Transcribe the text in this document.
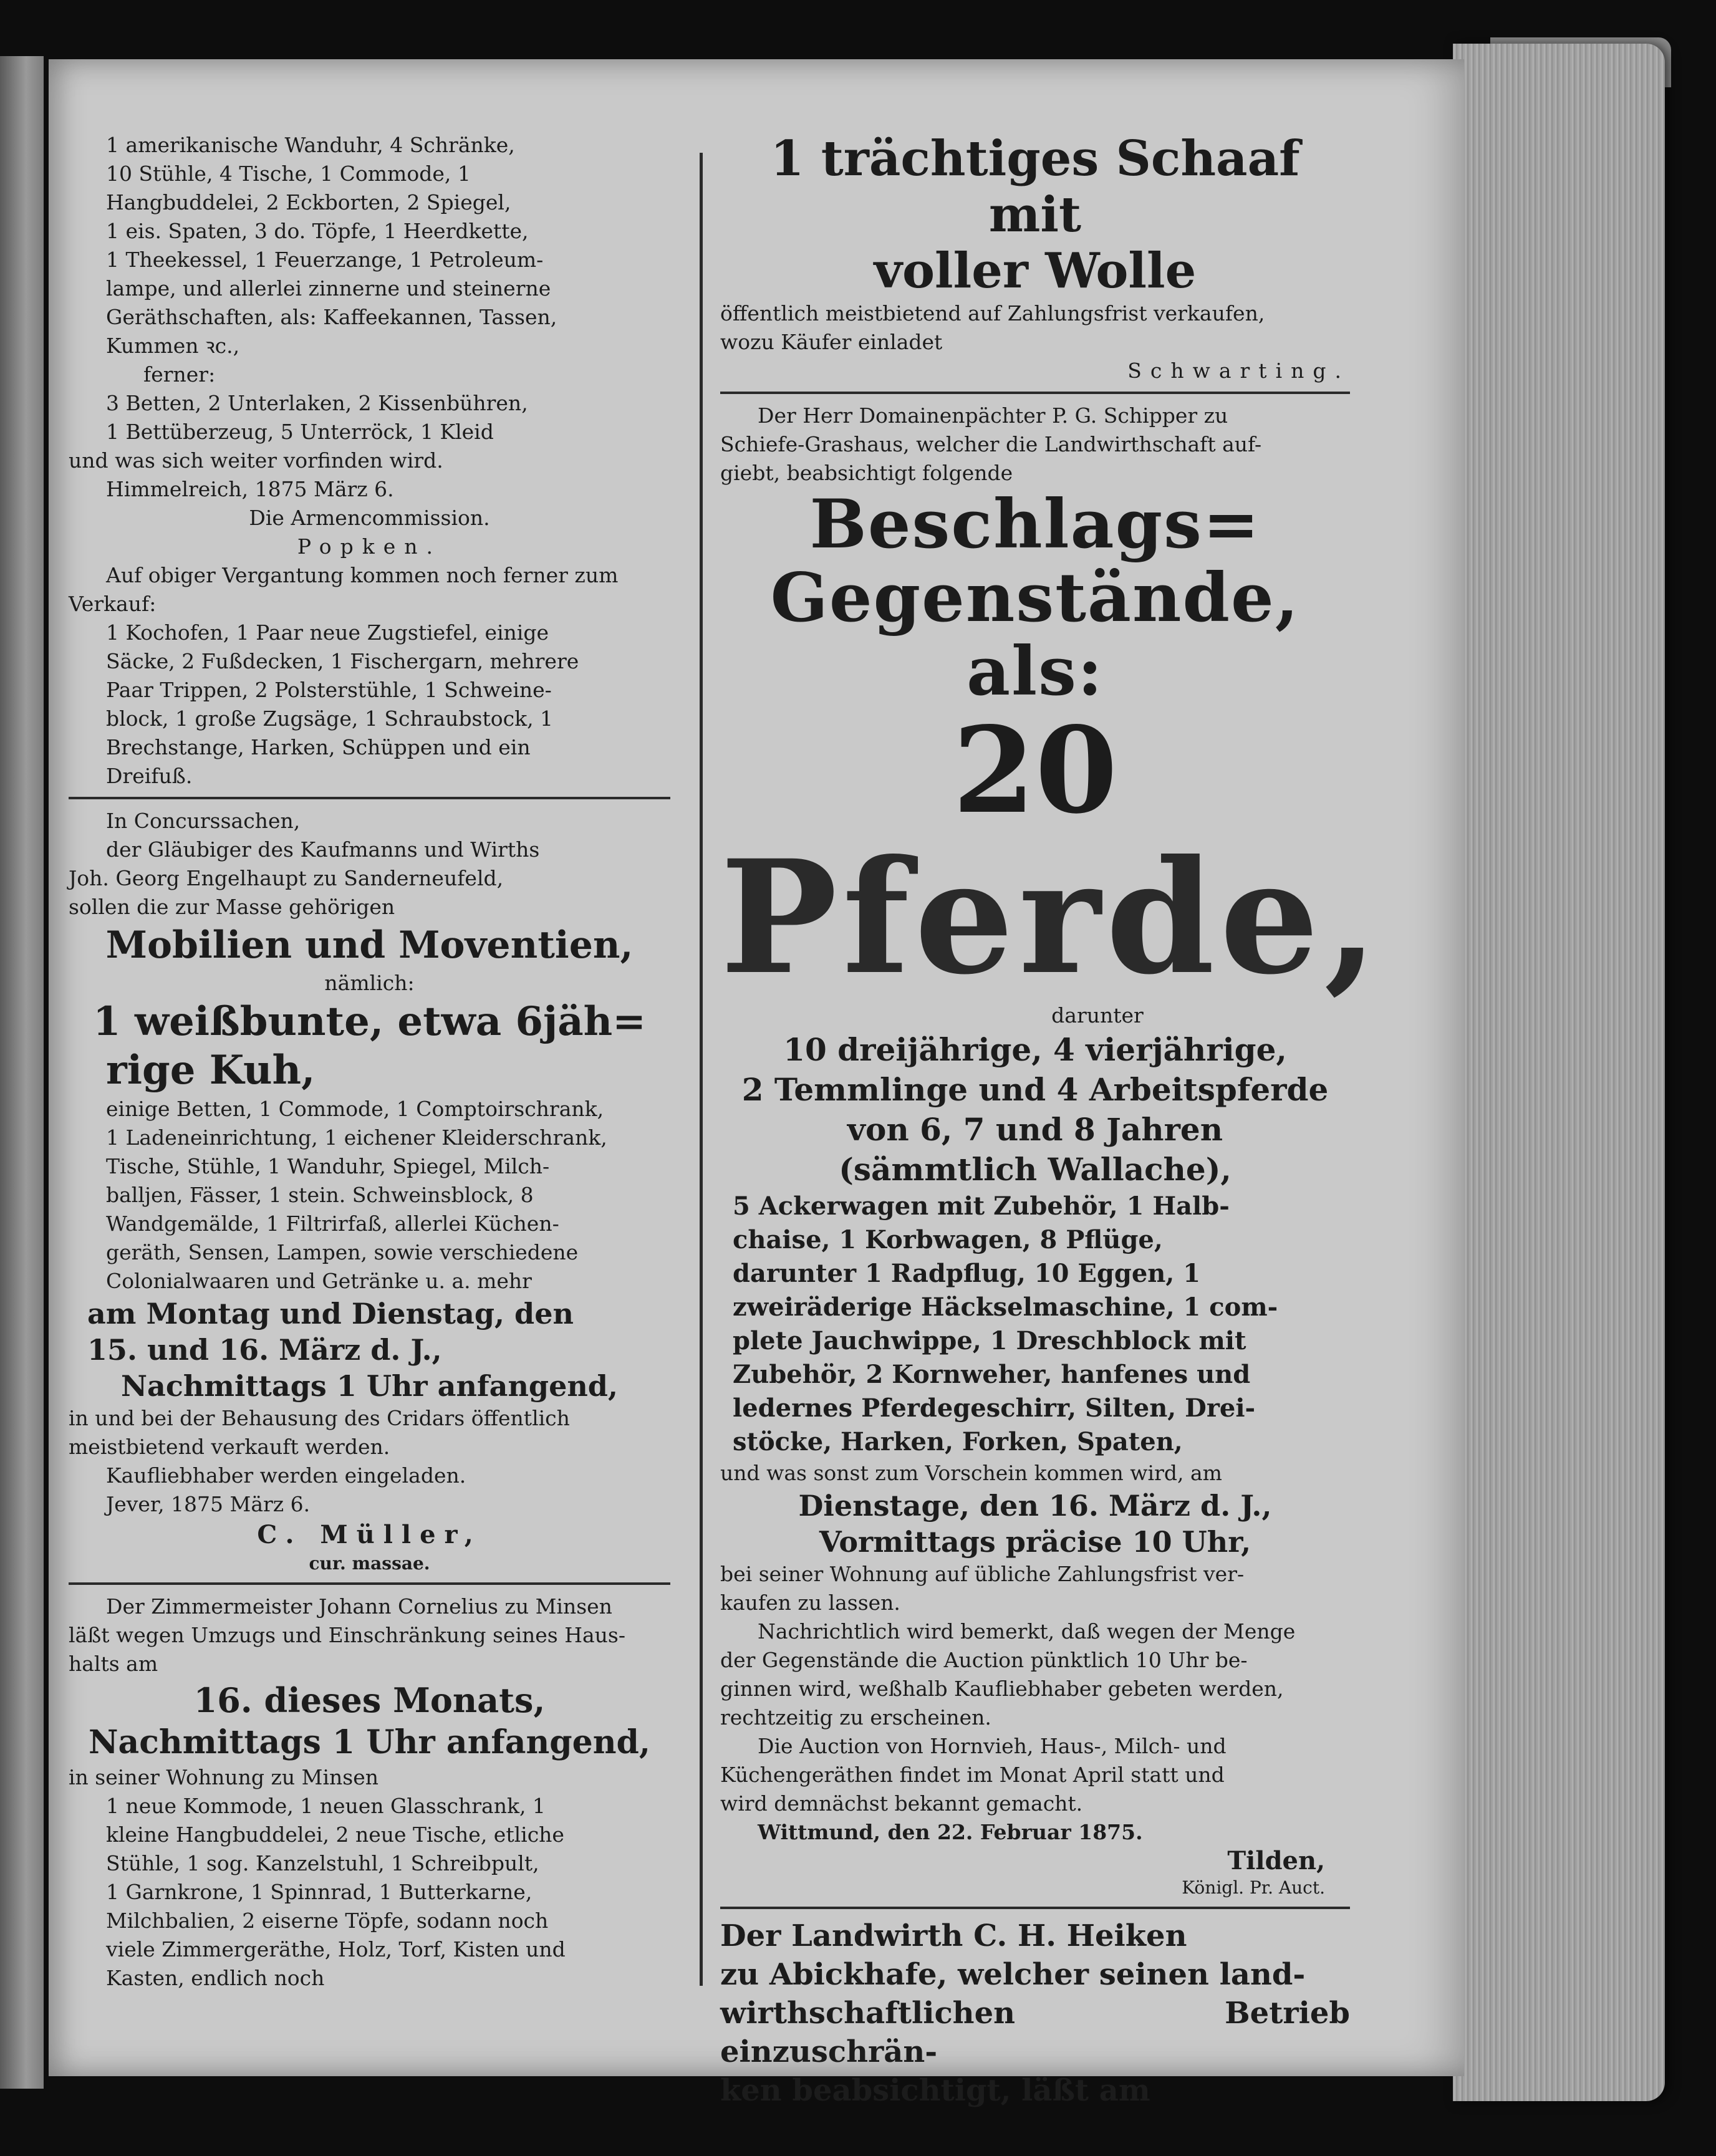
1 amerikanische Wanduhr, 4 Schränke,

10 Stühle, 4 Tische, 1 Commode, 1

Hangbuddelei, 2 Eckborten, 2 Spiegel,

1 eis. Spaten, 3 do. Töpfe, 1 Heerdkette,

1 Theekessel, 1 Feuerzange, 1 Petroleum-

lampe, und allerlei zinnerne und steinerne

Geräthschaften, als: Kaffeekannen, Tassen,

Kummen ꝛc.,

ferner:

3 Betten, 2 Unterlaken, 2 Kissenbühren,

1 Bettüberzeug, 5 Unterröck, 1 Kleid

und was sich weiter vorfinden wird.

Himmelreich, 1875 März 6.

Die Armencommission.

Popken.

Auf obiger Vergantung kommen noch ferner zum

Verkauf:

1 Kochofen, 1 Paar neue Zugstiefel, einige

Säcke, 2 Fußdecken, 1 Fischergarn, mehrere

Paar Trippen, 2 Polsterstühle, 1 Schweine-

block, 1 große Zugsäge, 1 Schraubstock, 1

Brechstange, Harken, Schüppen und ein

Dreifuß.

In Concurssachen,

der Gläubiger des Kaufmanns und Wirths

Joh. Georg Engelhaupt zu Sanderneufeld,

sollen die zur Masse gehörigen

Mobilien und Moventien,

nämlich:

1 weißbunte, etwa 6jäh=

rige Kuh,

einige Betten, 1 Commode, 1 Comptoirschrank,

1 Ladeneinrichtung, 1 eichener Kleiderschrank,

Tische, Stühle, 1 Wanduhr, Spiegel, Milch-

balljen, Fässer, 1 stein. Schweinsblock, 8

Wandgemälde, 1 Filtrirfaß, allerlei Küchen-

geräth, Sensen, Lampen, sowie verschiedene

Colonialwaaren und Getränke u. a. mehr

am Montag und Dienstag, den

15. und 16. März d. J.,

Nachmittags 1 Uhr anfangend,

in und bei der Behausung des Cridars öffentlich

meistbietend verkauft werden.

Kaufliebhaber werden eingeladen.

Jever, 1875 März 6.

C. Müller,

cur. massae.

Der Zimmermeister Johann Cornelius zu Minsen

läßt wegen Umzugs und Einschränkung seines Haus-

halts am

16. dieses Monats,

Nachmittags 1 Uhr anfangend,

in seiner Wohnung zu Minsen

1 neue Kommode, 1 neuen Glasschrank, 1

kleine Hangbuddelei, 2 neue Tische, etliche

Stühle, 1 sog. Kanzelstuhl, 1 Schreibpult,

1 Garnkrone, 1 Spinnrad, 1 Butterkarne,

Milchbalien, 2 eiserne Töpfe, sodann noch

viele Zimmergeräthe, Holz, Torf, Kisten und

Kasten, endlich noch

1 trächtiges Schaaf mit

voller Wolle

öffentlich meistbietend auf Zahlungsfrist verkaufen,

wozu Käufer einladet

Schwarting.

Der Herr Domainenpächter P. G. Schipper zu

Schiefe-Grashaus, welcher die Landwirthschaft auf-

giebt, beabsichtigt folgende

Beschlags=

Gegenstände, als:

20

Pferde,

darunter

10 dreijährige, 4 vierjährige,

2 Temmlinge und 4 Arbeitspferde

von 6, 7 und 8 Jahren

(sämmtlich Wallache),

5 Ackerwagen mit Zubehör, 1 Halb-

chaise, 1 Korbwagen, 8 Pflüge,

darunter 1 Radpflug, 10 Eggen, 1

zweiräderige Häckselmaschine, 1 com-

plete Jauchwippe, 1 Dreschblock mit

Zubehör, 2 Kornweher, hanfenes und

ledernes Pferdegeschirr, Silten, Drei-

stöcke, Harken, Forken, Spaten,

und was sonst zum Vorschein kommen wird, am

Dienstage, den 16. März d. J.,

Vormittags präcise 10 Uhr,

bei seiner Wohnung auf übliche Zahlungsfrist ver-

kaufen zu lassen.

Nachrichtlich wird bemerkt, daß wegen der Menge

der Gegenstände die Auction pünktlich 10 Uhr be-

ginnen wird, weßhalb Kaufliebhaber gebeten werden,

rechtzeitig zu erscheinen.

Die Auction von Hornvieh, Haus-, Milch- und

Küchengeräthen findet im Monat April statt und

wird demnächst bekannt gemacht.

Wittmund, den 22. Februar 1875.

Tilden,

Königl. Pr. Auct.

Der Landwirth C. H. Heiken

zu Abickhafe, welcher seinen land-

wirthschaftlichen Betrieb einzuschrän-

ken beabsichtigt, läßt am
